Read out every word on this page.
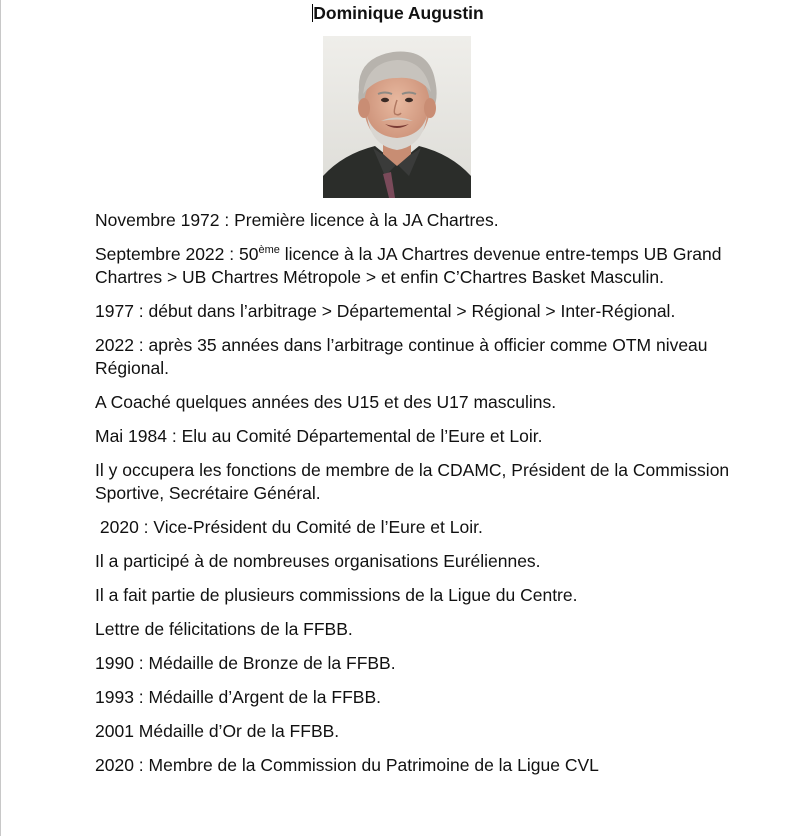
Dominique Augustin

Novembre 1972 : Première licence à la JA Chartres.

Septembre 2022 : 50ème licence à la JA Chartres devenue entre-temps UB Grand Chartres > UB Chartres Métropole > et enfin C’Chartres Basket Masculin.

1977 : début dans l’arbitrage > Départemental > Régional > Inter-Régional.

2022 : après 35 années dans l’arbitrage continue à officier comme OTM niveau Régional.

A Coaché quelques années des U15 et des U17 masculins.

Mai 1984 : Elu au Comité Départemental de l’Eure et Loir.

Il y occupera les fonctions de membre de la CDAMC, Président de la Commission Sportive, Secrétaire Général.

2020 : Vice-Président du Comité de l’Eure et Loir.

Il a participé à de nombreuses organisations Euréliennes.

Il a fait partie de plusieurs commissions de la Ligue du Centre.

Lettre de félicitations de la FFBB.

1990 : Médaille de Bronze de la FFBB.

1993 : Médaille d’Argent de la FFBB.

2001 Médaille d’Or de la FFBB.

2020 : Membre de la Commission du Patrimoine de la Ligue CVL
